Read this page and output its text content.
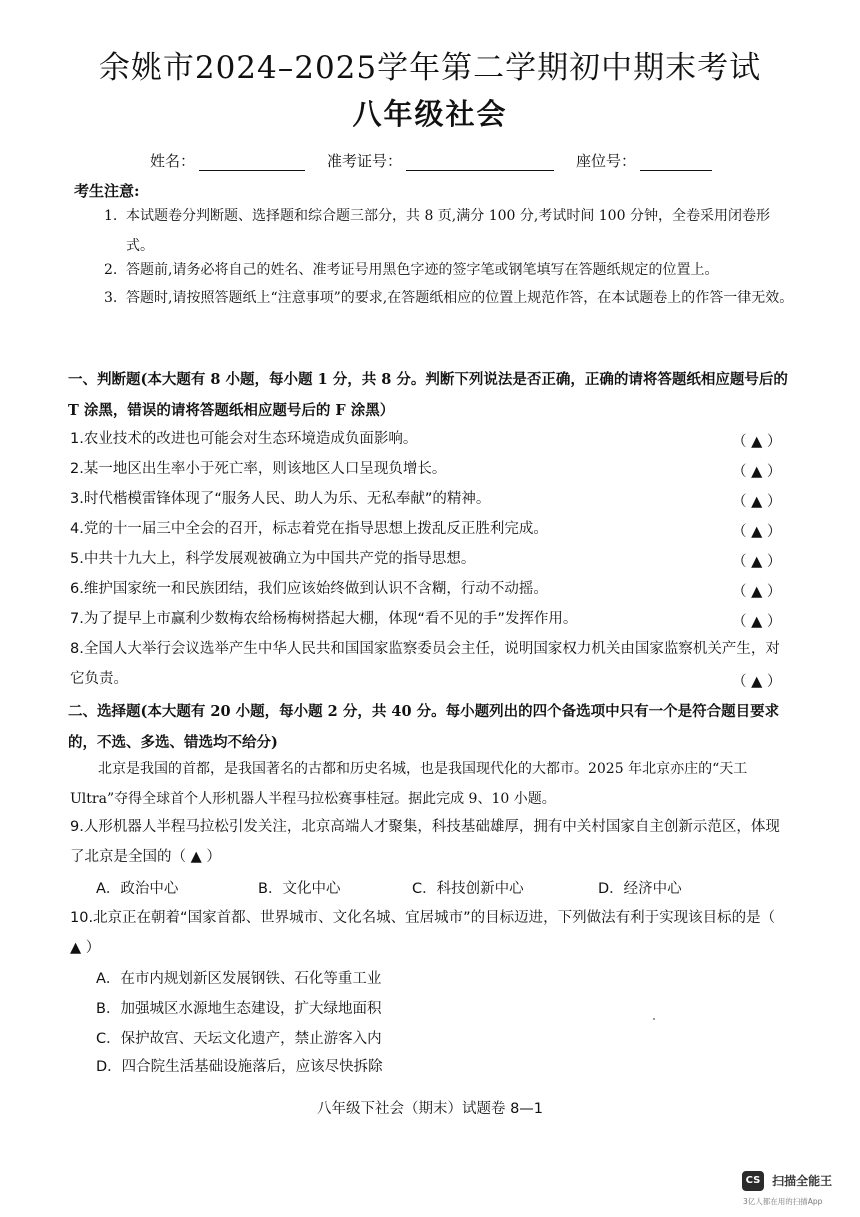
余姚市2024–2025学年第二学期初中期末考试
八年级社会
姓名：	准考证号：	座位号：
考生注意:
1. 本试题卷分判断题、选择题和综合题三部分，共 8 页,满分 100 分,考试时间 100 分钟，全卷采用闭卷形式。
2. 答题前,请务必将自己的姓名、准考证号用黑色字迹的签字笔或钢笔填写在答题纸规定的位置上。
3. 答题时,请按照答题纸上“注意事项”的要求,在答题纸相应的位置上规范作答，在本试题卷上的作答一律无效。
一、判断题(本大题有 8 小题，每小题 1 分，共 8 分。判断下列说法是否正确，正确的请将答题纸相应题号后的 T 涂黑，错误的请将答题纸相应题号后的 F 涂黑）
1.农业技术的改进也可能会对生态环境造成负面影响。	（ ▲ ）
2.某一地区出生率小于死亡率，则该地区人口呈现负增长。	（ ▲ ）
3.时代楷模雷锋体现了“服务人民、助人为乐、无私奉献”的精神。	（ ▲ ）
4.党的十一届三中全会的召开，标志着党在指导思想上拨乱反正胜利完成。	（ ▲ ）
5.中共十九大上，科学发展观被确立为中国共产党的指导思想。	（ ▲ ）
6.维护国家统一和民族团结，我们应该始终做到认识不含糊，行动不动摇。	（ ▲ ）
7.为了提早上市赢利少数梅农给杨梅树搭起大棚，体现“看不见的手”发挥作用。	（ ▲ ）
8.全国人大举行会议选举产生中华人民共和国国家监察委员会主任，说明国家权力机关由国家监察机关产生，对它负责。	（ ▲ ）
二、选择题(本大题有 20 小题，每小题 2 分，共 40 分。每小题列出的四个备选项中只有一个是符合题目要求的，不选、多选、错选均不给分)
北京是我国的首都，是我国著名的古都和历史名城，也是我国现代化的大都市。2025 年北京亦庄的“天工 Ultra”夺得全球首个人形机器人半程马拉松赛事桂冠。据此完成 9、10 小题。
9.人形机器人半程马拉松引发关注，北京高端人才聚集，科技基础雄厚，拥有中关村国家自主创新示范区，体现了北京是全国的（ ▲ ）
A．政治中心	B．文化中心	C．科技创新中心	D．经济中心
10.北京正在朝着“国家首都、世界城市、文化名城、宜居城市”的目标迈进，下列做法有利于实现该目标的是（ ▲ ）
A．在市内规划新区发展钢铁、石化等重工业
B．加强城区水源地生态建设，扩大绿地面积
C．保护故宫、天坛文化遗产，禁止游客入内
D．四合院生活基础设施落后，应该尽快拆除
八年级下社会（期末）试题卷 8—1
CS 扫描全能王
3亿人都在用的扫描App
